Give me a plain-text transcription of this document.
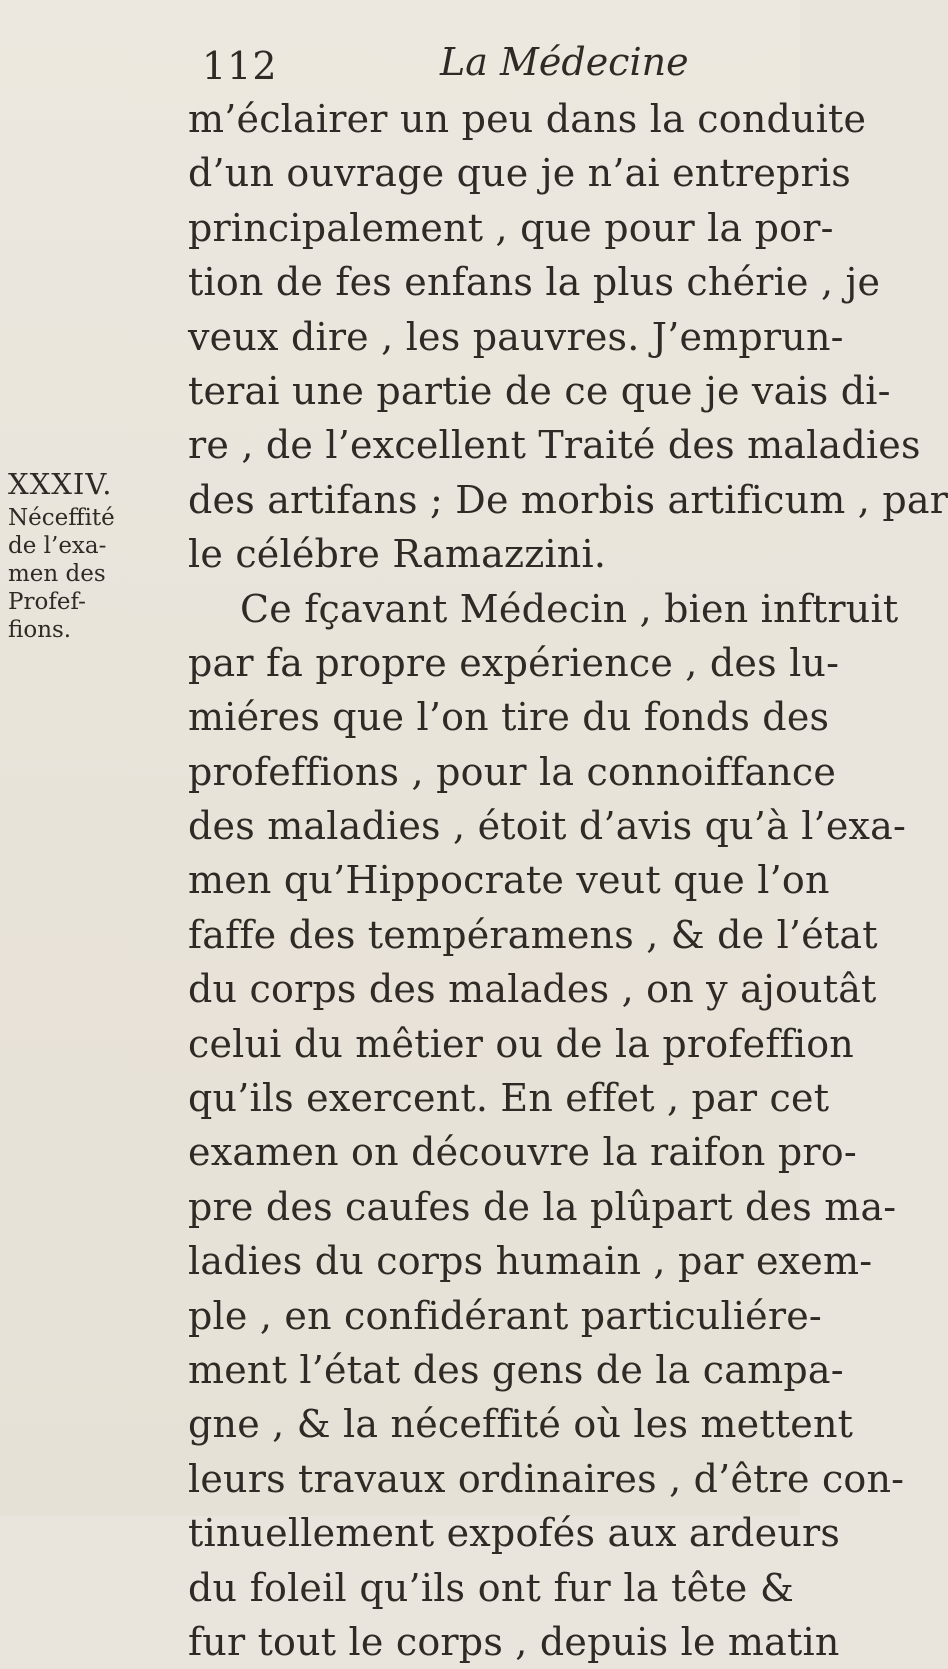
112	La Médecine
XXXIV.
Néceffité
de l’exa-
men des
Profef-
fions.
m’éclairer un peu dans la conduite
d’un ouvrage que je n’ai entrepris
principalement , que pour la por-
tion de fes enfans la plus chérie , je
veux dire , les pauvres. J’emprun-
terai une partie de ce que je vais di-
re , de l’excellent Traité des maladies
des artifans ; De morbis artificum , par
le célébre Ramazzini.
Ce fçavant Médecin , bien inftruit
par fa propre expérience , des lu-
miéres que l’on tire du fonds des
profeffions , pour la connoiffance
des maladies , étoit d’avis qu’à l’exa-
men qu’Hippocrate veut que l’on
faffe des tempéramens , & de l’état
du corps des malades , on y ajoutât
celui du mêtier ou de la profeffion
qu’ils exercent. En effet , par cet
examen on découvre la raifon pro-
pre des caufes de la plûpart des ma-
ladies du corps humain , par exem-
ple , en confidérant particuliére-
ment l’état des gens de la campa-
gne , & la néceffité où les mettent
leurs travaux ordinaires , d’être con-
tinuellement expofés aux ardeurs
du foleil qu’ils ont fur la tête &
fur tout le corps , depuis le matin
